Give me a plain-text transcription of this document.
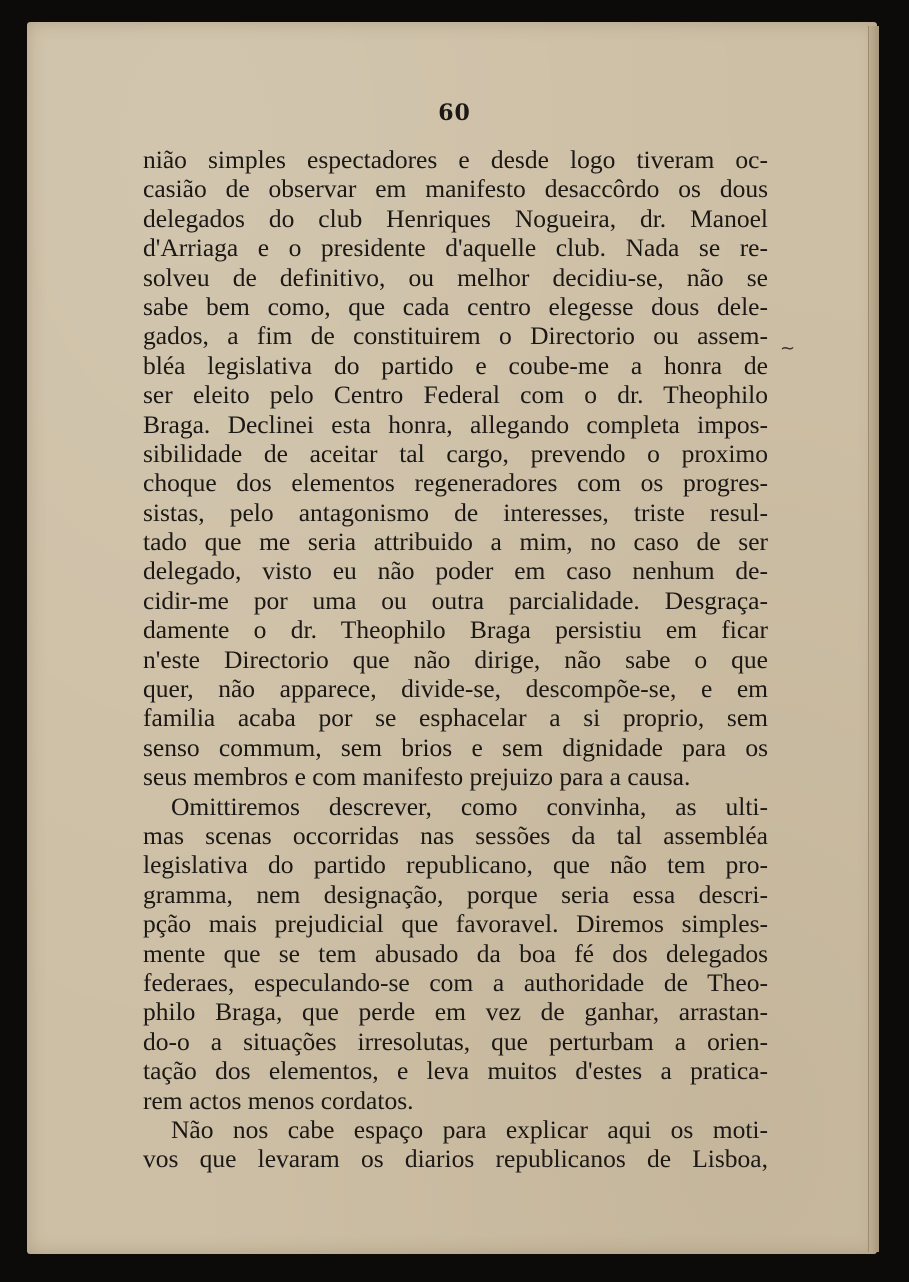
60
~
nião simples espectadores e desde logo tiveram oc-
casião de observar em manifesto desaccôrdo os dous
delegados do club Henriques Nogueira, dr. Manoel
d'Arriaga e o presidente d'aquelle club. Nada se re-
solveu de definitivo, ou melhor decidiu-se, não se
sabe bem como, que cada centro elegesse dous dele-
gados, a fim de constituirem o Directorio ou assem-
bléa legislativa do partido e coube-me a honra de
ser eleito pelo Centro Federal com o dr. Theophilo
Braga. Declinei esta honra, allegando completa impos-
sibilidade de aceitar tal cargo, prevendo o proximo
choque dos elementos regeneradores com os progres-
sistas, pelo antagonismo de interesses, triste resul-
tado que me seria attribuido a mim, no caso de ser
delegado, visto eu não poder em caso nenhum de-
cidir-me por uma ou outra parcialidade. Desgraça-
damente o dr. Theophilo Braga persistiu em ficar
n'este Directorio que não dirige, não sabe o que
quer, não apparece, divide-se, descompõe-se, e em
familia acaba por se esphacelar a si proprio, sem
senso commum, sem brios e sem dignidade para os
seus membros e com manifesto prejuizo para a causa.
Omittiremos descrever, como convinha, as ulti-
mas scenas occorridas nas sessões da tal assembléa
legislativa do partido republicano, que não tem pro-
gramma, nem designação, porque seria essa descri-
pção mais prejudicial que favoravel. Diremos simples-
mente que se tem abusado da boa fé dos delegados
federaes, especulando-se com a authoridade de Theo-
philo Braga, que perde em vez de ganhar, arrastan-
do-o a situações irresolutas, que perturbam a orien-
tação dos elementos, e leva muitos d'estes a pratica-
rem actos menos cordatos.
Não nos cabe espaço para explicar aqui os moti-
vos que levaram os diarios republicanos de Lisboa,
